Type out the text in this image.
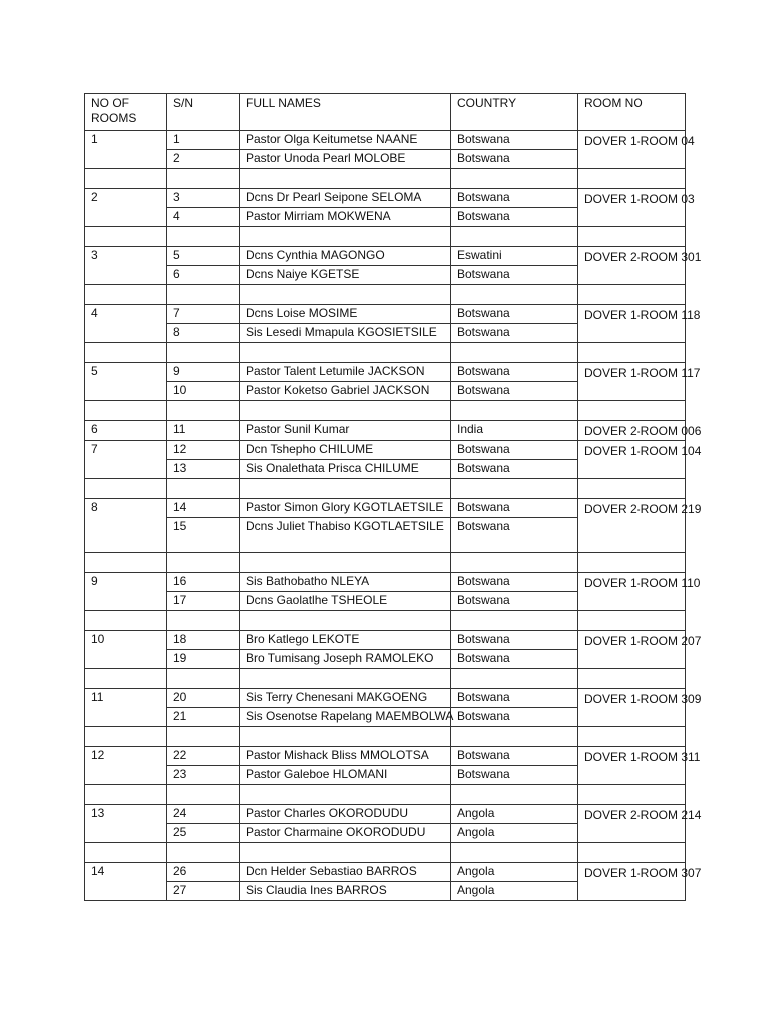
NO OF ROOMS	S/N	FULL NAMES	COUNTRY	ROOM NO
1	1	Pastor Olga Keitumetse NAANE	Botswana	DOVER 1-ROOM 04
	2	Pastor Unoda Pearl MOLOBE	Botswana	

2	3	Dcns Dr Pearl Seipone SELOMA	Botswana	DOVER 1-ROOM 03
	4	Pastor Mirriam MOKWENA	Botswana	

3	5	Dcns Cynthia MAGONGO	Eswatini	DOVER 2-ROOM 301
	6	Dcns Naiye KGETSE	Botswana	

4	7	Dcns Loise MOSIME	Botswana	DOVER 1-ROOM 118
	8	Sis Lesedi Mmapula KGOSIETSILE	Botswana	

5	9	Pastor Talent Letumile JACKSON	Botswana	DOVER 1-ROOM 117
	10	Pastor Koketso Gabriel JACKSON	Botswana	

6	11	Pastor Sunil Kumar	India	DOVER 2-ROOM 006
7	12	Dcn Tshepho CHILUME	Botswana	DOVER 1-ROOM 104
	13	Sis Onalethata Prisca CHILUME	Botswana	

8	14	Pastor Simon Glory KGOTLAETSILE	Botswana	DOVER 2-ROOM 219
	15	Dcns Juliet Thabiso KGOTLAETSILE	Botswana	

9	16	Sis Bathobatho NLEYA	Botswana	DOVER 1-ROOM 110
	17	Dcns Gaolatlhe TSHEOLE	Botswana	

10	18	Bro Katlego LEKOTE	Botswana	DOVER 1-ROOM 207
	19	Bro Tumisang Joseph RAMOLEKO	Botswana	

11	20	Sis Terry Chenesani MAKGOENG	Botswana	DOVER 1-ROOM 309
	21	Sis Osenotse Rapelang MAEMBOLWA	Botswana	

12	22	Pastor Mishack Bliss MMOLOTSA	Botswana	DOVER 1-ROOM 311
	23	Pastor Galeboe HLOMANI	Botswana	

13	24	Pastor Charles OKORODUDU	Angola	DOVER 2-ROOM 214
	25	Pastor Charmaine OKORODUDU	Angola	

14	26	Dcn Helder Sebastiao BARROS	Angola	DOVER 1-ROOM 307
	27	Sis Claudia Ines BARROS	Angola	
